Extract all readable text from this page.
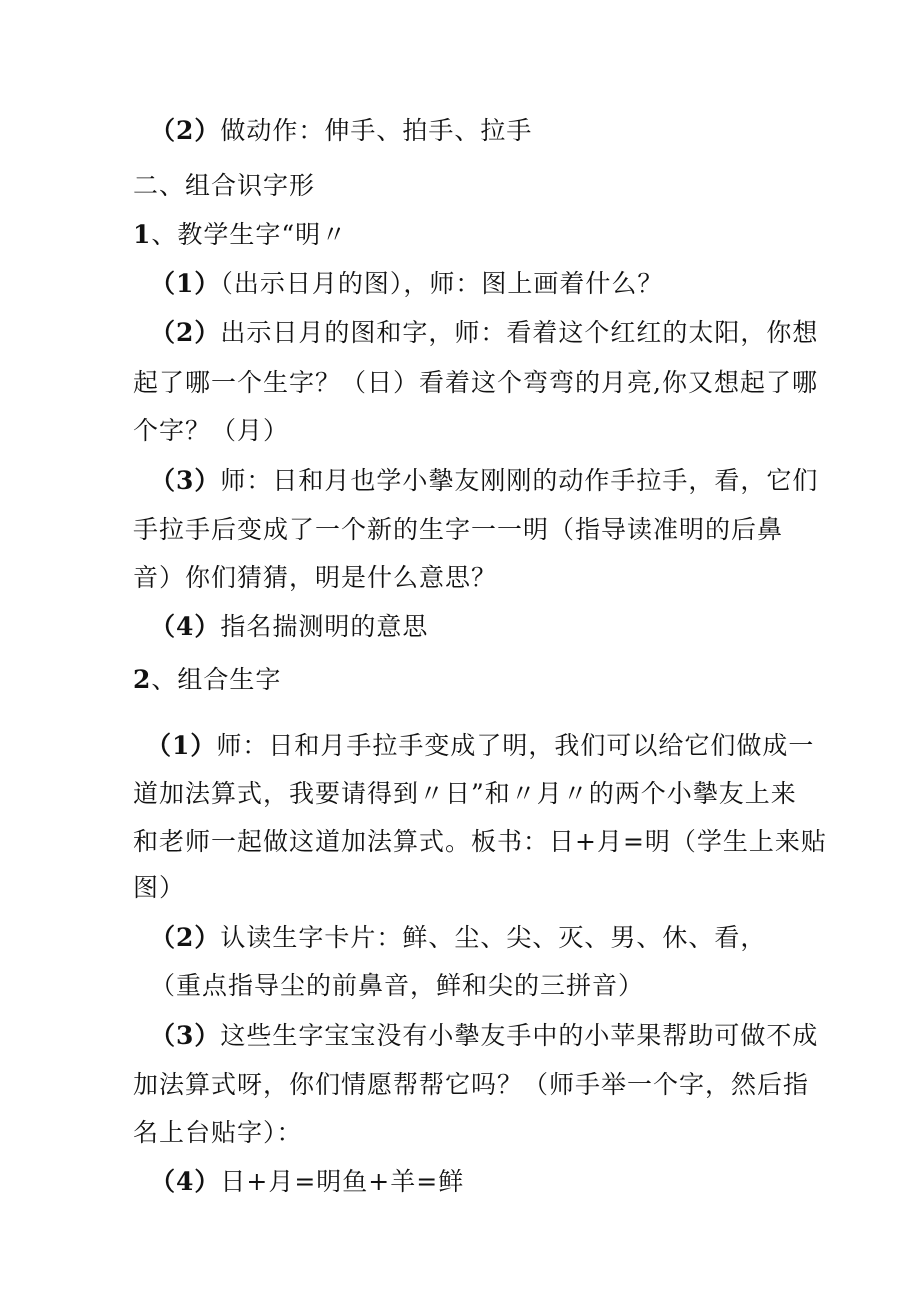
（2）做动作：伸手、拍手、拉手
二、组合识字形
1、教学生字“明〃
（1）（出示日月的图），师：图上画着什么？
（2）出示日月的图和字，师：看着这个红红的太阳，你想
起了哪一个生字？（日）看着这个弯弯的月亮,你又想起了哪
个字？（月）
（3）师：日和月也学小摰友刚刚的动作手拉手，看，它们
手拉手后变成了一个新的生字一一明（指导读准明的后鼻
音）你们猜猜，明是什么意思？
（4）指名揣测明的意思
2、组合生字
（1）师：日和月手拉手变成了明，我们可以给它们做成一
道加法算式，我要请得到〃日”和〃月〃的两个小摰友上来
和老师一起做这道加法算式。板书：日+月=明（学生上来贴
图）
（2）认读生字卡片：鲜、尘、尖、灭、男、休、看，
（重点指导尘的前鼻音，鲜和尖的三拼音）
（3）这些生字宝宝没有小摰友手中的小苹果帮助可做不成
加法算式呀，你们情愿帮帮它吗？（师手举一个字，然后指
名上台贴字）：
（4）日+月=明鱼+羊=鲜
